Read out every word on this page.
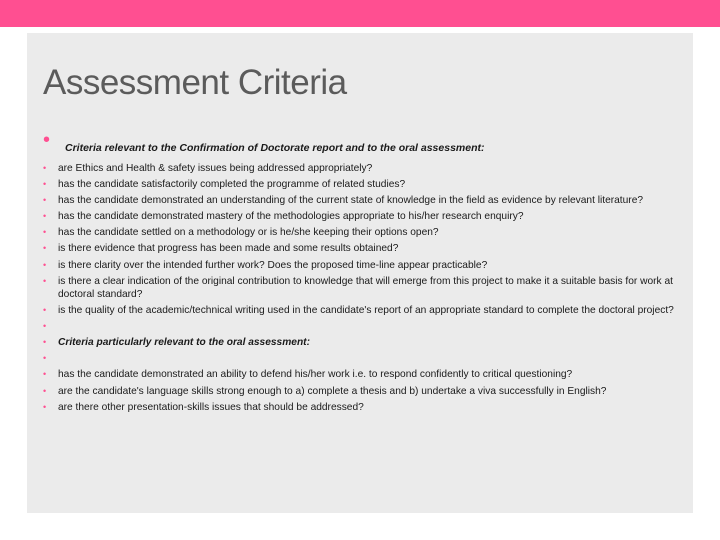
Assessment Criteria
• Criteria relevant to the Confirmation of Doctorate report and to the oral assessment:
• are Ethics and Health & safety issues being addressed appropriately?
• has the candidate satisfactorily completed the programme of related studies?
• has the candidate demonstrated an understanding of the current state of knowledge in the field as evidence by relevant literature?
• has the candidate demonstrated mastery of the methodologies appropriate to his/her research enquiry?
• has the candidate settled on a methodology or is he/she keeping their options open?
• is there evidence that progress has been made and some results obtained?
• is there clarity over the intended further work? Does the proposed time-line appear practicable?
• is there a clear indication of the original contribution to knowledge that will emerge from this project to make it a suitable basis for work at doctoral standard?
• is the quality of the academic/technical writing used in the candidate's report of an appropriate standard to complete the doctoral project?
•
• Criteria particularly relevant to the oral assessment:
•
• has the candidate demonstrated an ability to defend his/her work i.e. to respond confidently to critical questioning?
• are the candidate's language skills strong enough to a) complete a thesis and b) undertake a viva successfully in English?
• are there other presentation-skills issues that should be addressed?
